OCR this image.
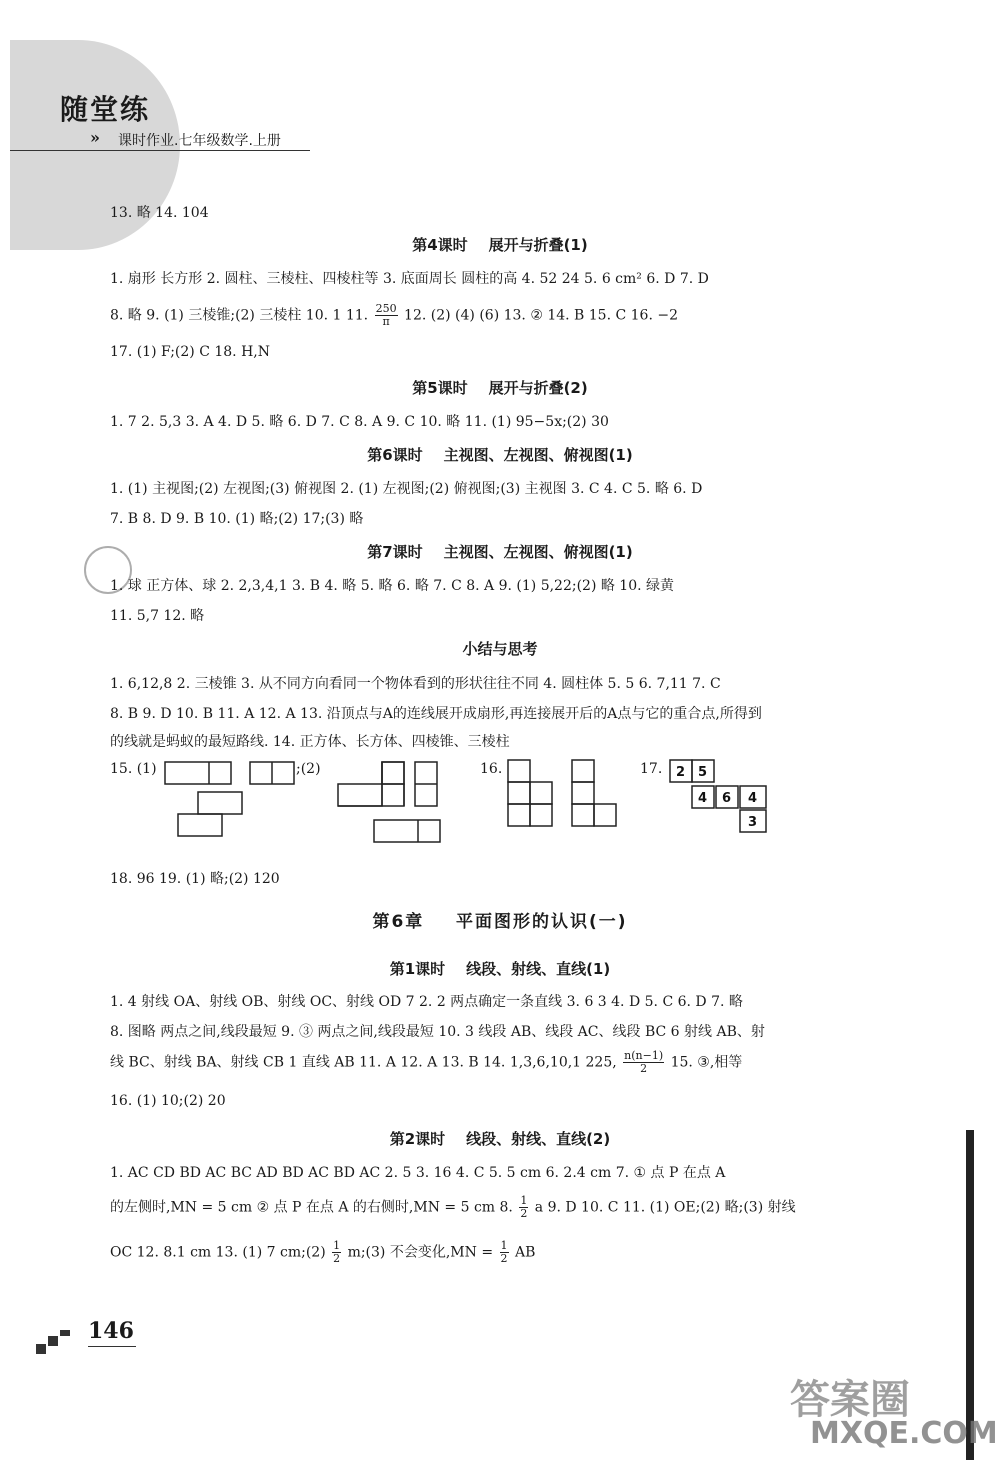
随堂练
» 课时作业.七年级数学.上册
13. 略 14. 104
第4课时    展开与折叠(1)
1. 扇形 长方形 2. 圆柱、三棱柱、四棱柱等 3. 底面周长 圆柱的高 4. 52 24 5. 6 cm² 6. D 7. D
8. 略 9. (1) 三棱锥;(2) 三棱柱 10. 1 11. $\frac{250}{\pi} 12$. (2) (4) (6) 13. ② 14. B 15. C 16. −2
17. (1) F;(2) C 18. H,N
第5课时    展开与折叠(2)
1. 7 2. 5,3 3. A 4. D 5. 略 6. D 7. C 8. A 9. C 10. 略 11. (1) 95−5x;(2) 30
第6课时    主视图、左视图、俯视图(1)
1. (1) 主视图;(2) 左视图;(3) 俯视图 2. (1) 左视图;(2) 俯视图;(3) 主视图 3. C 4. C 5. 略 6. D
7. B 8. D 9. B 10. (1) 略;(2) 17;(3) 略
第7课时    主视图、左视图、俯视图(1)
1. 球 正方体、球 2. 2,3,4,1 3. B 4. 略 5. 略 6. 略 7. C 8. A 9. (1) 5,22;(2) 略 10. 绿黄
11. 5,7 12. 略
小结与思考
1. 6,12,8 2. 三棱锥 3. 从不同方向看同一个物体看到的形状往往不同 4. 圆柱体 5. 5 6. 7,11 7. C
8. B 9. D 10. B 11. A 12. A 13. 沿顶点与A的连线展开成扇形,再连接展开后的A点与它的重合点,所得到
的线就是蚂蚁的最短路线. 14. 正方体、长方体、四棱锥、三棱柱
15. (1)	;(2)	16.	17. 2 5
4 6 4
3
18. 96 19. (1) 略;(2) 120
第6章    平面图形的认识(一)
第1课时    线段、射线、直线(1)
1. 4 射线 OA、射线 OB、射线 OC、射线 OD 7 2. 2 两点确定一条直线 3. 6 3 4. D 5. C 6. D 7. 略
8. 图略 两点之间,线段最短 9. ③ 两点之间,线段最短 10. 3 线段 AB、线段 AC、线段 BC 6 射线 AB、射
线 BC、射线 BA、射线 CB 1 直线 AB 11. A 12. A 13. B 14. 1,3,6,10,1 225, $\frac{n(n-1)}{2} 15$. ③,相等
16. (1) 10;(2) 20
第2课时    线段、射线、直线(2)
1. AC CD BD AC BC AD BD AC BD AC 2. 5 3. 16 4. C 5. 5 cm 6. 2.4 cm 7. ① 点 P 在点 A
的左侧时,MN = 5 cm ② 点 P 在点 A 的右侧时,MN = 5 cm 8. $\frac{1}{2}$ a 9. D 10. C 11. (1) OE;(2) 略;(3) 射线
OC 12. 8.1 cm 13. (1) 7 cm;(2) $\frac{1}{2}$ m;(3) 不会变化$,MN = \frac{1}{2}$ AB
146
答案圈
MXQE.COM
